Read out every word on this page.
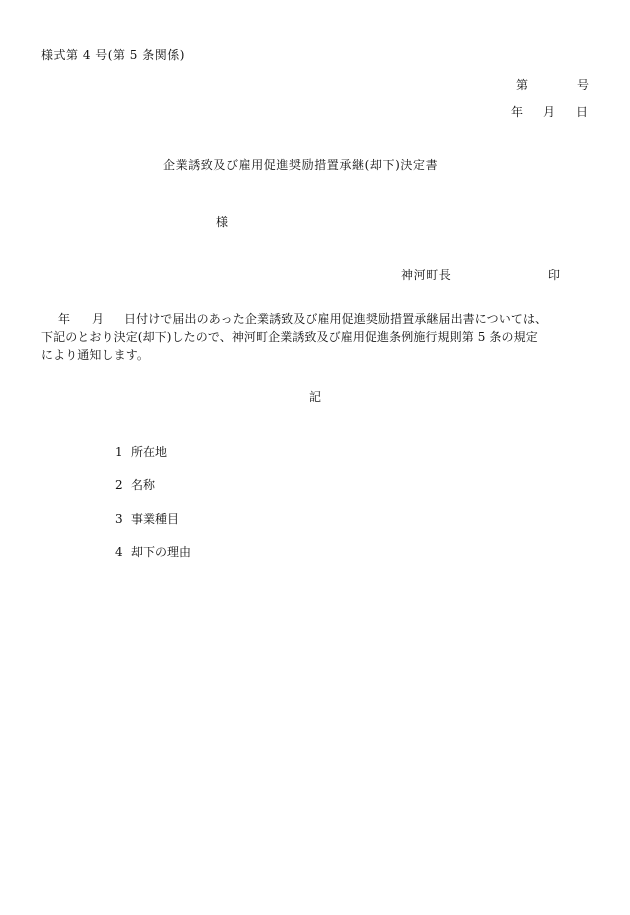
様式第 4 号(第 5 条関係)
第	号
年 月 日
企業誘致及び雇用促進奨励措置承継(却下)決定書
様
神河町長	印
年 月 日付けで届出のあった企業誘致及び雇用促進奨励措置承継届出書については、
下記のとおり決定(却下)したので、神河町企業誘致及び雇用促進条例施行規則第 5 条の規定
により通知します。
記
1 所在地
2 名称
3 事業種目
4 却下の理由
